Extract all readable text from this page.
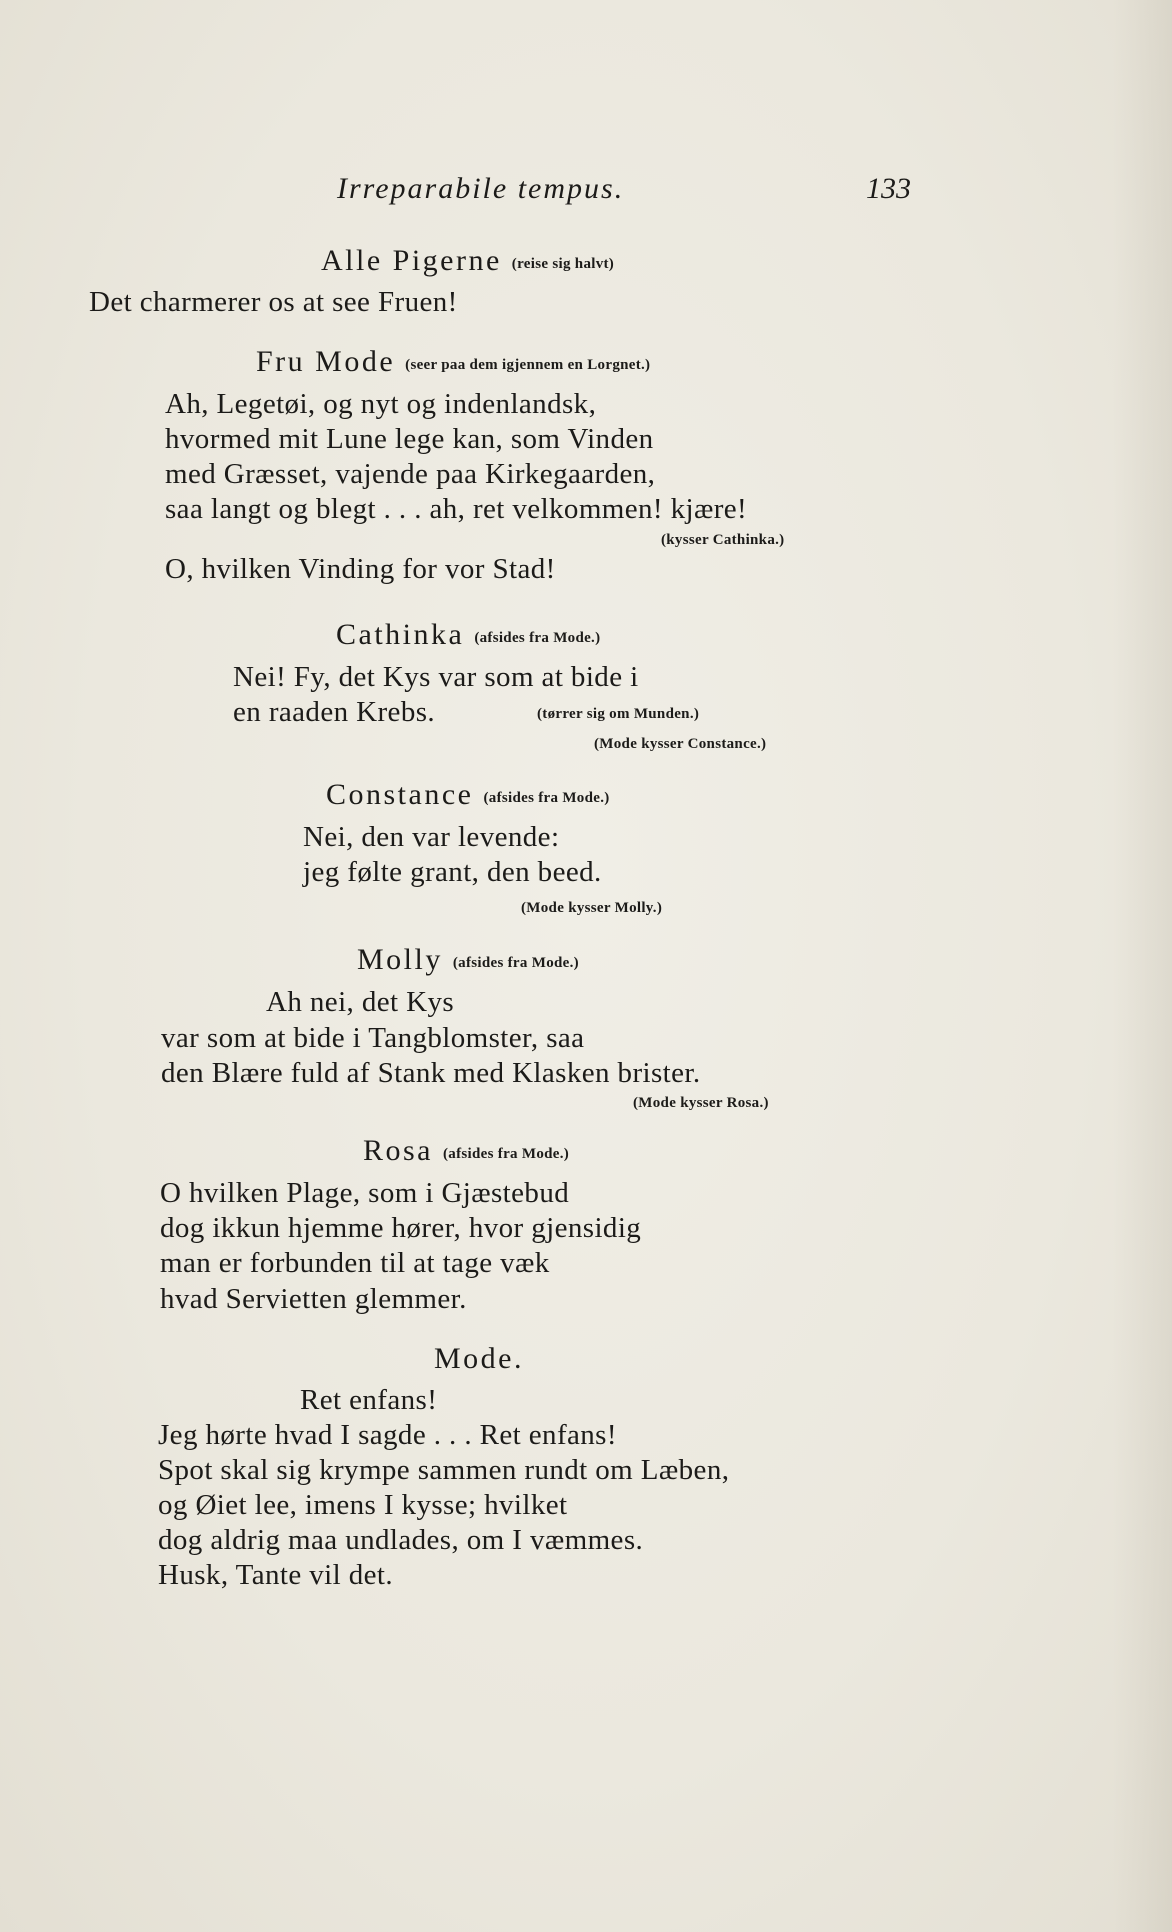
Irreparabile tempus.	133

Alle Pigerne (reise sig halvt)

Det charmerer os at see Fruen!

Fru Mode (seer paa dem igjennem en Lorgnet.)

Ah, Legetøi, og nyt og indenlandsk,

hvormed mit Lune lege kan, som Vinden

med Græsset, vajende paa Kirkegaarden,

saa langt og blegt . . . ah, ret velkommen! kjære!

(kysser Cathinka.)

O, hvilken Vinding for vor Stad!

Cathinka (afsides fra Mode.)

Nei! Fy, det Kys var som at bide i

en raaden Krebs.	(tørrer sig om Munden.)

(Mode kysser Constance.)

Constance (afsides fra Mode.)

Nei, den var levende:

jeg følte grant, den beed.

(Mode kysser Molly.)

Molly (afsides fra Mode.)

Ah nei, det Kys

var som at bide i Tangblomster, saa

den Blære fuld af Stank med Klasken brister.

(Mode kysser Rosa.)

Rosa (afsides fra Mode.)

O hvilken Plage, som i Gjæstebud

dog ikkun hjemme hører, hvor gjensidig

man er forbunden til at tage væk

hvad Servietten glemmer.

Mode.

Ret enfans!

Jeg hørte hvad I sagde . . . Ret enfans!

Spot skal sig krympe sammen rundt om Læben,

og Øiet lee, imens I kysse; hvilket

dog aldrig maa undlades, om I væmmes.

Husk, Tante vil det.
